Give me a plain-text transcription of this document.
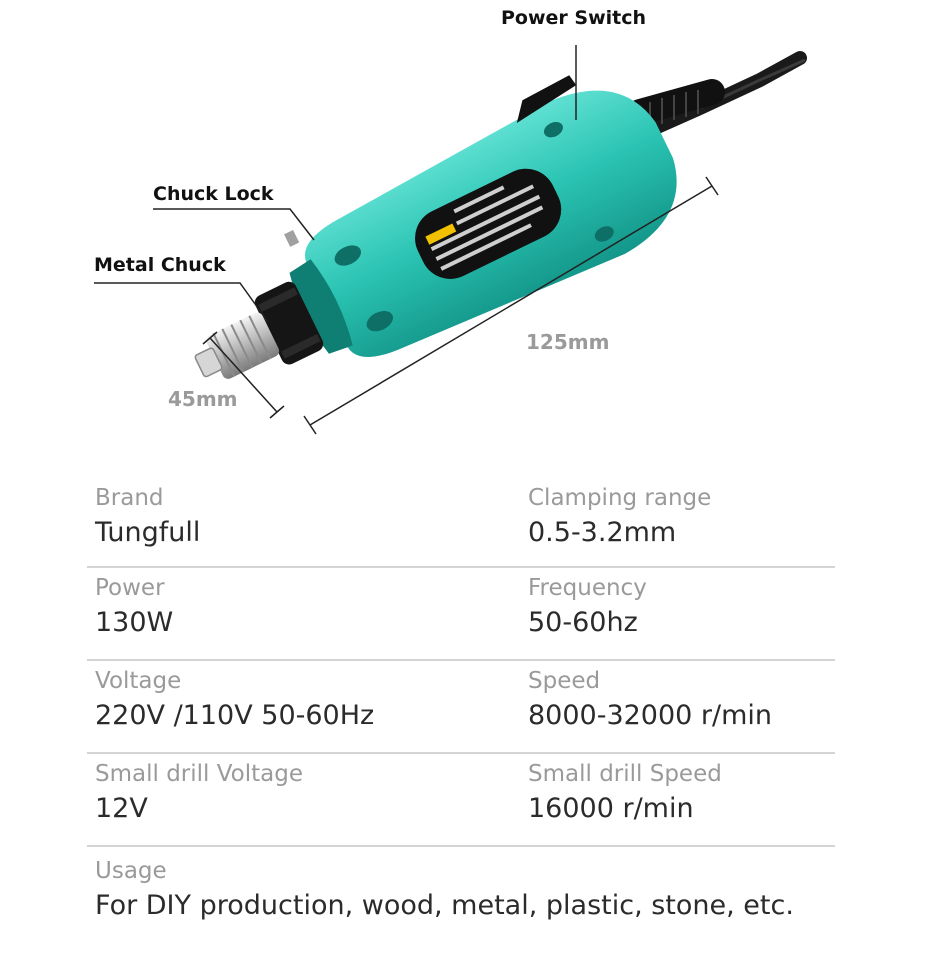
Power Switch
Chuck Lock
Metal Chuck
125mm
45mm
Brand
Tungfull
Clamping range
0.5-3.2mm
Power
130W
Frequency
50-60hz
Voltage
220V /110V 50-60Hz
Speed
8000-32000 r/min
Small drill Voltage
12V
Small drill Speed
16000 r/min
Usage
For DIY production, wood, metal, plastic, stone, etc.
